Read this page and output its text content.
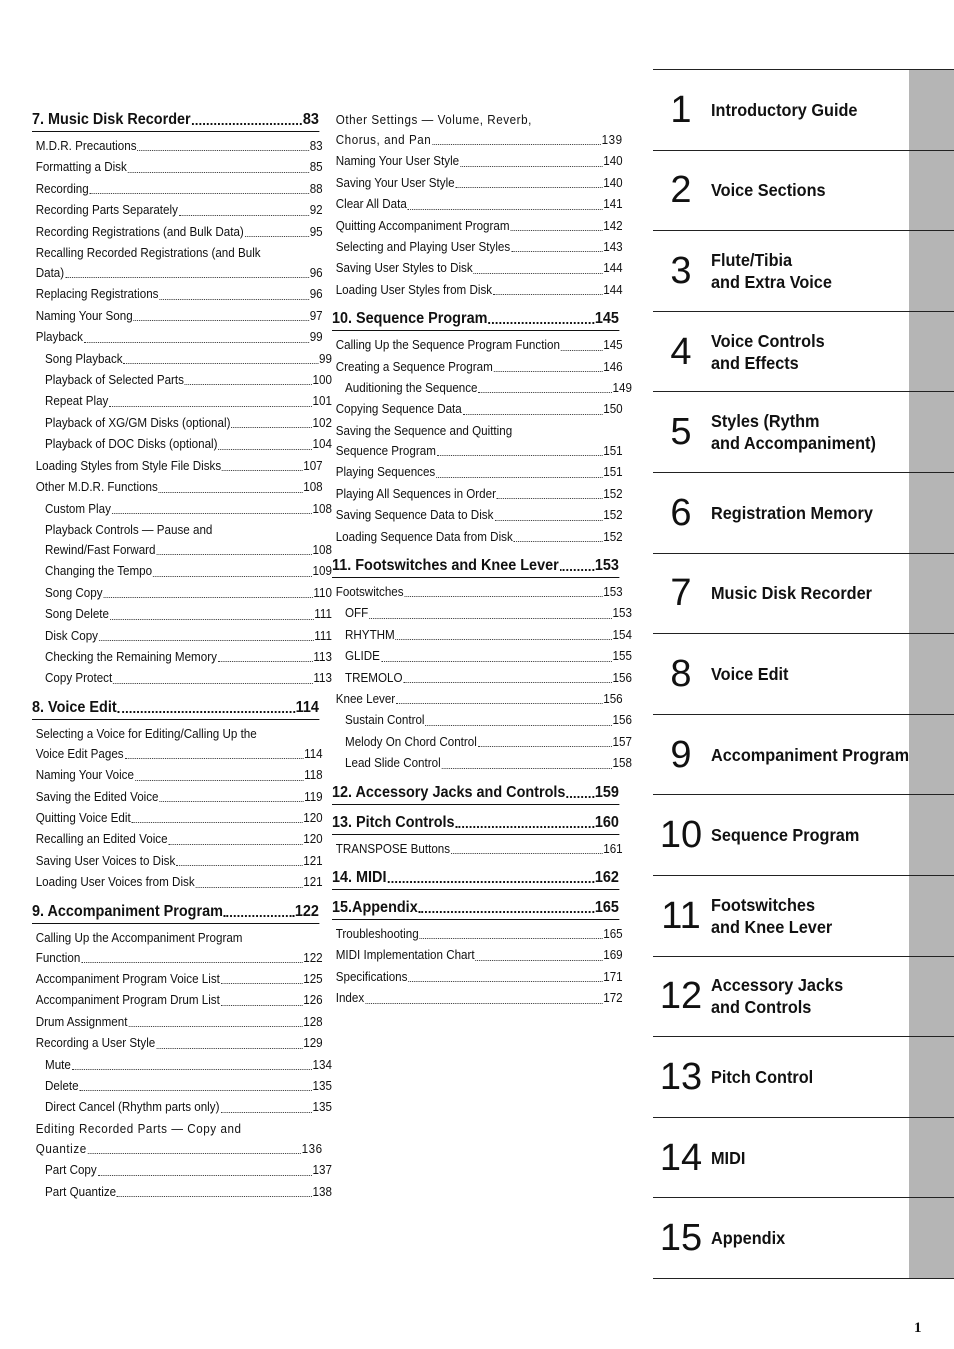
7. Music Disk Recorder	83
M.D.R. Precautions	83
Formatting a Disk	85
Recording	88
Recording Parts Separately	92
Recording Registrations (and Bulk Data)	95
Recalling Recorded Registrations (and Bulk
Data)	96
Replacing Registrations	96
Naming Your Song	97
Playback	99
Song Playback	99
Playback of Selected Parts	100
Repeat Play	101
Playback of XG/GM Disks (optional)	102
Playback of DOC Disks (optional)	104
Loading Styles from Style File Disks	107
Other M.D.R. Functions	108
Custom Play	108
Playback Controls — Pause and
Rewind/Fast Forward	108
Changing the Tempo	109
Song Copy	110
Song Delete	111
Disk Copy	111
Checking the Remaining Memory	113
Copy Protect	113
8. Voice Edit	114
Selecting a Voice for Editing/Calling Up the
Voice Edit Pages	114
Naming Your Voice	118
Saving the Edited Voice	119
Quitting Voice Edit	120
Recalling an Edited Voice	120
Saving User Voices to Disk	121
Loading User Voices from Disk	121
9. Accompaniment Program	122
Calling Up the Accompaniment Program
Function	122
Accompaniment Program Voice List	125
Accompaniment Program Drum List	126
Drum Assignment	128
Recording a User Style	129
Mute	134
Delete	135
Direct Cancel (Rhythm parts only)	135
Editing Recorded Parts — Copy and
Quantize	136
Part Copy	137
Part Quantize	138
Other Settings — Volume, Reverb,
Chorus, and Pan	139
Naming Your User Style	140
Saving Your User Style	140
Clear All Data	141
Quitting Accompaniment Program	142
Selecting and Playing User Styles	143
Saving User Styles to Disk	144
Loading User Styles from Disk	144
10. Sequence Program	145
Calling Up the Sequence Program Function	145
Creating a Sequence Program	146
Auditioning the Sequence	149
Copying Sequence Data	150
Saving the Sequence and Quitting
Sequence Program	151
Playing Sequences	151
Playing All Sequences in Order	152
Saving Sequence Data to Disk	152
Loading Sequence Data from Disk	152
11. Footswitches and Knee Lever 153
Footswitches	153
OFF	153
RHYTHM	154
GLIDE	155
TREMOLO	156
Knee Lever	156
Sustain Control	156
Melody On Chord Control	157
Lead Slide Control	158
12. Accessory Jacks and Controls 159
13. Pitch Controls	160
TRANSPOSE Buttons	161
14. MIDI	162
15.Appendix	165
Troubleshooting	165
MIDI Implementation Chart	169
Specifications	171
Index	172
1	Introductory Guide
2	Voice Sections
3	Flute/Tibia
and Extra Voice
4	Voice Controls
and Effects
5	Styles (Rythm
and Accompaniment)
6	Registration Memory
7	Music Disk Recorder
8	Voice Edit
9	Accompaniment Program
10 Sequence Program
11 Footswitches
and Knee Lever
12 Accessory Jacks
and Controls
13 Pitch Control
14 MIDI
15 Appendix
1
